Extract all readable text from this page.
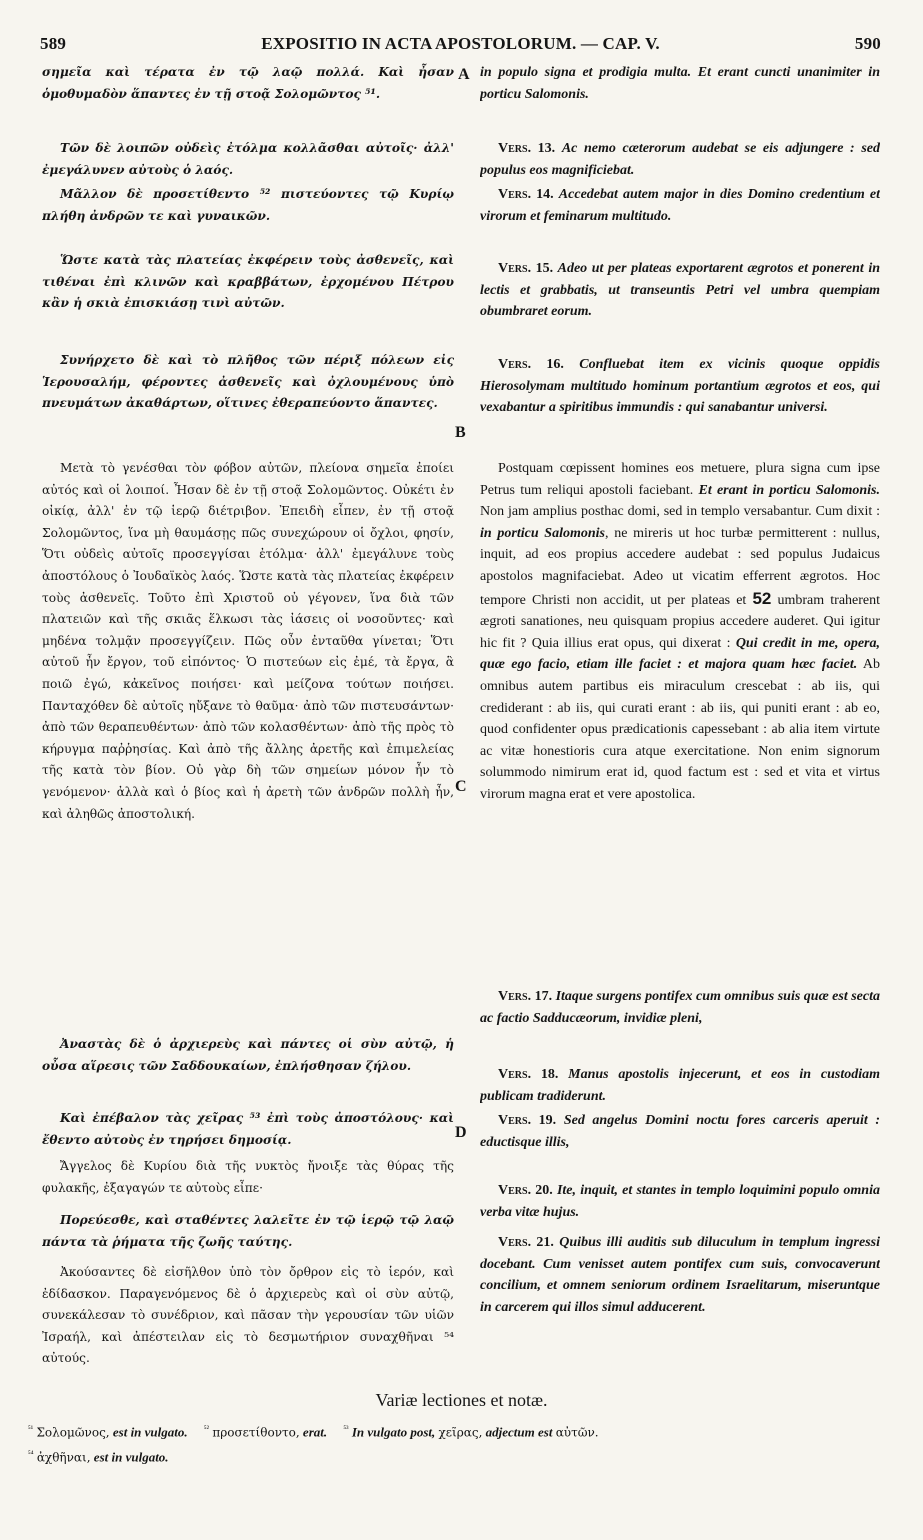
589	EXPOSITIO IN ACTA APOSTOLORUM. — CAP. V.	590
A
B
C
D
σημεῖα καὶ τέρατα ἐν τῷ λαῷ πολλά. Καὶ ἦσαν ὁμοθυμαδὸν ἅπαντες ἐν τῇ στοᾷ Σολομῶντος ⁵¹.
Τῶν δὲ λοιπῶν οὐδεὶς ἐτόλμα κολλᾶσθαι αὐτοῖς· ἀλλ' ἐμεγάλυνεν αὐτοὺς ὁ λαός.
Μᾶλλον δὲ προσετίθεντο ⁵² πιστεύοντες τῷ Κυρίῳ πλήθη ἀνδρῶν τε καὶ γυναικῶν.
Ὥστε κατὰ τὰς πλατείας ἐκφέρειν τοὺς ἀσθενεῖς, καὶ τιθέναι ἐπὶ κλινῶν καὶ κραββάτων, ἐρχομένου Πέτρου κἂν ἡ σκιὰ ἐπισκιάσῃ τινὶ αὐτῶν.
Συνήρχετο δὲ καὶ τὸ πλῆθος τῶν πέριξ πόλεων εἰς Ἱερουσαλήμ, φέροντες ἀσθενεῖς καὶ ὀχλουμένους ὑπὸ πνευμάτων ἀκαθάρτων, οἵτινες ἐθεραπεύοντο ἅπαντες.
Μετὰ τὸ γενέσθαι τὸν φόβον αὐτῶν, πλείονα σημεῖα ἐποίει αὐτός καὶ οἱ λοιποί. Ἦσαν δὲ ἐν τῇ στοᾷ Σολομῶντος. Οὐκέτι ἐν οἰκίᾳ, ἀλλ' ἐν τῷ ἱερῷ διέτριβον. Ἐπειδὴ εἶπεν, ἐν τῇ στοᾷ Σολομῶντος, ἵνα μὴ θαυμάσῃς πῶς συνεχώρουν οἱ ὄχλοι, φησίν, Ὅτι οὐδεὶς αὐτοῖς προσεγγίσαι ἐτόλμα· ἀλλ' ἐμεγάλυνε τοὺς ἀποστόλους ὁ Ἰουδαϊκὸς λαός. Ὥστε κατὰ τὰς πλατείας ἐκφέρειν τοὺς ἀσθενεῖς. Τοῦτο ἐπὶ Χριστοῦ οὐ γέγονεν, ἵνα διὰ τῶν πλατειῶν καὶ τῆς σκιᾶς ἕλκωσι τὰς ἰάσεις οἱ νοσοῦντες· καὶ μηδένα τολμᾷν προσεγγίζειν. Πῶς οὖν ἐνταῦθα γίνεται; Ὅτι αὐτοῦ ἦν ἔργον, τοῦ εἰπόντος· Ὁ πιστεύων εἰς ἐμέ, τὰ ἔργα, ἃ ποιῶ ἐγώ, κἀκεῖνος ποιήσει· καὶ μείζονα τούτων ποιήσει. Πανταχόθεν δὲ αὐτοῖς ηὔξανε τὸ θαῦμα· ἀπὸ τῶν πιστευσάντων· ἀπὸ τῶν θεραπευθέντων· ἀπὸ τῶν κολασθέντων· ἀπὸ τῆς πρὸς τὸ κήρυγμα παῤῥησίας. Καὶ ἀπὸ τῆς ἄλλης ἀρετῆς καὶ ἐπιμελείας τῆς κατὰ τὸν βίον. Οὐ γὰρ δὴ τῶν σημείων μόνον ἦν τὸ γενόμενον· ἀλλὰ καὶ ὁ βίος καὶ ἡ ἀρετὴ τῶν ἀνδρῶν πολλὴ ἦν, καὶ ἀληθῶς ἀποστολική.
Ἀναστὰς δὲ ὁ ἀρχιερεὺς καὶ πάντες οἱ σὺν αὐτῷ, ἡ οὖσα αἵρεσις τῶν Σαδδουκαίων, ἐπλήσθησαν ζήλου.
Καὶ ἐπέβαλον τὰς χεῖρας ⁵³ ἐπὶ τοὺς ἀποστόλους· καὶ ἔθεντο αὐτοὺς ἐν τηρήσει δημοσίᾳ.
Ἄγγελος δὲ Κυρίου διὰ τῆς νυκτὸς ἤνοιξε τὰς θύρας τῆς φυλακῆς, ἐξαγαγών τε αὐτοὺς εἶπε·
Πορεύεσθε, καὶ σταθέντες λαλεῖτε ἐν τῷ ἱερῷ τῷ λαῷ πάντα τὰ ῥήματα τῆς ζωῆς ταύτης.
Ἀκούσαντες δὲ εἰσῆλθον ὑπὸ τὸν ὄρθρον εἰς τὸ ἱερόν, καὶ ἐδίδασκον. Παραγενόμενος δὲ ὁ ἀρχιερεὺς καὶ οἱ σὺν αὐτῷ, συνεκάλεσαν τὸ συνέδριον, καὶ πᾶσαν τὴν γερουσίαν τῶν υἱῶν Ἰσραήλ, καὶ ἀπέστειλαν εἰς τὸ δεσμωτήριον συναχθῆναι ⁵⁴ αὐτούς.
in populo signa et prodigia multa. Et erant cuncti unanimiter in porticu Salomonis.
Vers. 13. Ac nemo cæterorum audebat se eis adjungere : sed populus eos magnificiebat.
Vers. 14. Accedebat autem major in dies Domino credentium et virorum et feminarum multitudo.
Vers. 15. Adeo ut per plateas exportarent ægrotos et ponerent in lectis et grabbatis, ut transeuntis Petri vel umbra quempiam obumbraret eorum.
Vers. 16. Confluebat item ex vicinis quoque oppidis Hierosolymam multitudo hominum portantium ægrotos et eos, qui vexabantur a spiritibus immundis : qui sanabantur universi.
Postquam cœpissent homines eos metuere, plura signa cum ipse Petrus tum reliqui apostoli faciebant. Et erant in porticu Salomonis. Non jam amplius posthac domi, sed in templo versabantur. Cum dixit : in porticu Salomonis, ne mireris ut hoc turbæ permitterent : nullus, inquit, ad eos propius accedere audebat : sed populus Judaicus apostolos magnifaciebat. Adeo ut vicatim efferrent ægrotos. Hoc tempore Christi non accidit, ut per plateas et 52 umbram traherent ægroti sanationes, neu quisquam propius accedere auderet. Qui igitur hic fit ? Quia illius erat opus, qui dixerat : Qui credit in me, opera, quæ ego facio, etiam ille faciet : et majora quam hæc faciet. Ab omnibus autem partibus eis miraculum crescebat : ab iis, qui crediderant : ab iis, qui curati erant : ab iis, qui puniti erant : ab eo, quod confidenter opus prædicationis capessebant : ab alia item virtute ac vitæ honestioris cura atque exercitatione. Non enim signorum solummodo nimirum erat id, quod factum est : sed et vita et virtus virorum magna erat et vere apostolica.
Vers. 17. Itaque surgens pontifex cum omnibus suis quæ est secta ac factio Sadducæorum, invidiæ pleni,
Vers. 18. Manus apostolis injecerunt, et eos in custodiam publicam tradiderunt.
Vers. 19. Sed angelus Domini noctu fores carceris aperuit : eductisque illis,
Vers. 20. Ite, inquit, et stantes in templo loquimini populo omnia verba vitæ hujus.
Vers. 21. Quibus illi auditis sub diluculum in templum ingressi docebant. Cum venisset autem pontifex cum suis, convocaverunt concilium, et omnem seniorum ordinem Israelitarum, miseruntque in carcerem qui illos simul adducerent.
Variæ lectiones et notæ.
$^{^{51}}$ Σολομῶνος, est in vulgato. $^{^{52}}$ προσετίθοντο, erat. $^{^{53}}$ In vulgato post, χεῖρας, adjectum est αὐτῶν.
$^{^{54}}$ ἀχθῆναι, est in vulgato.
